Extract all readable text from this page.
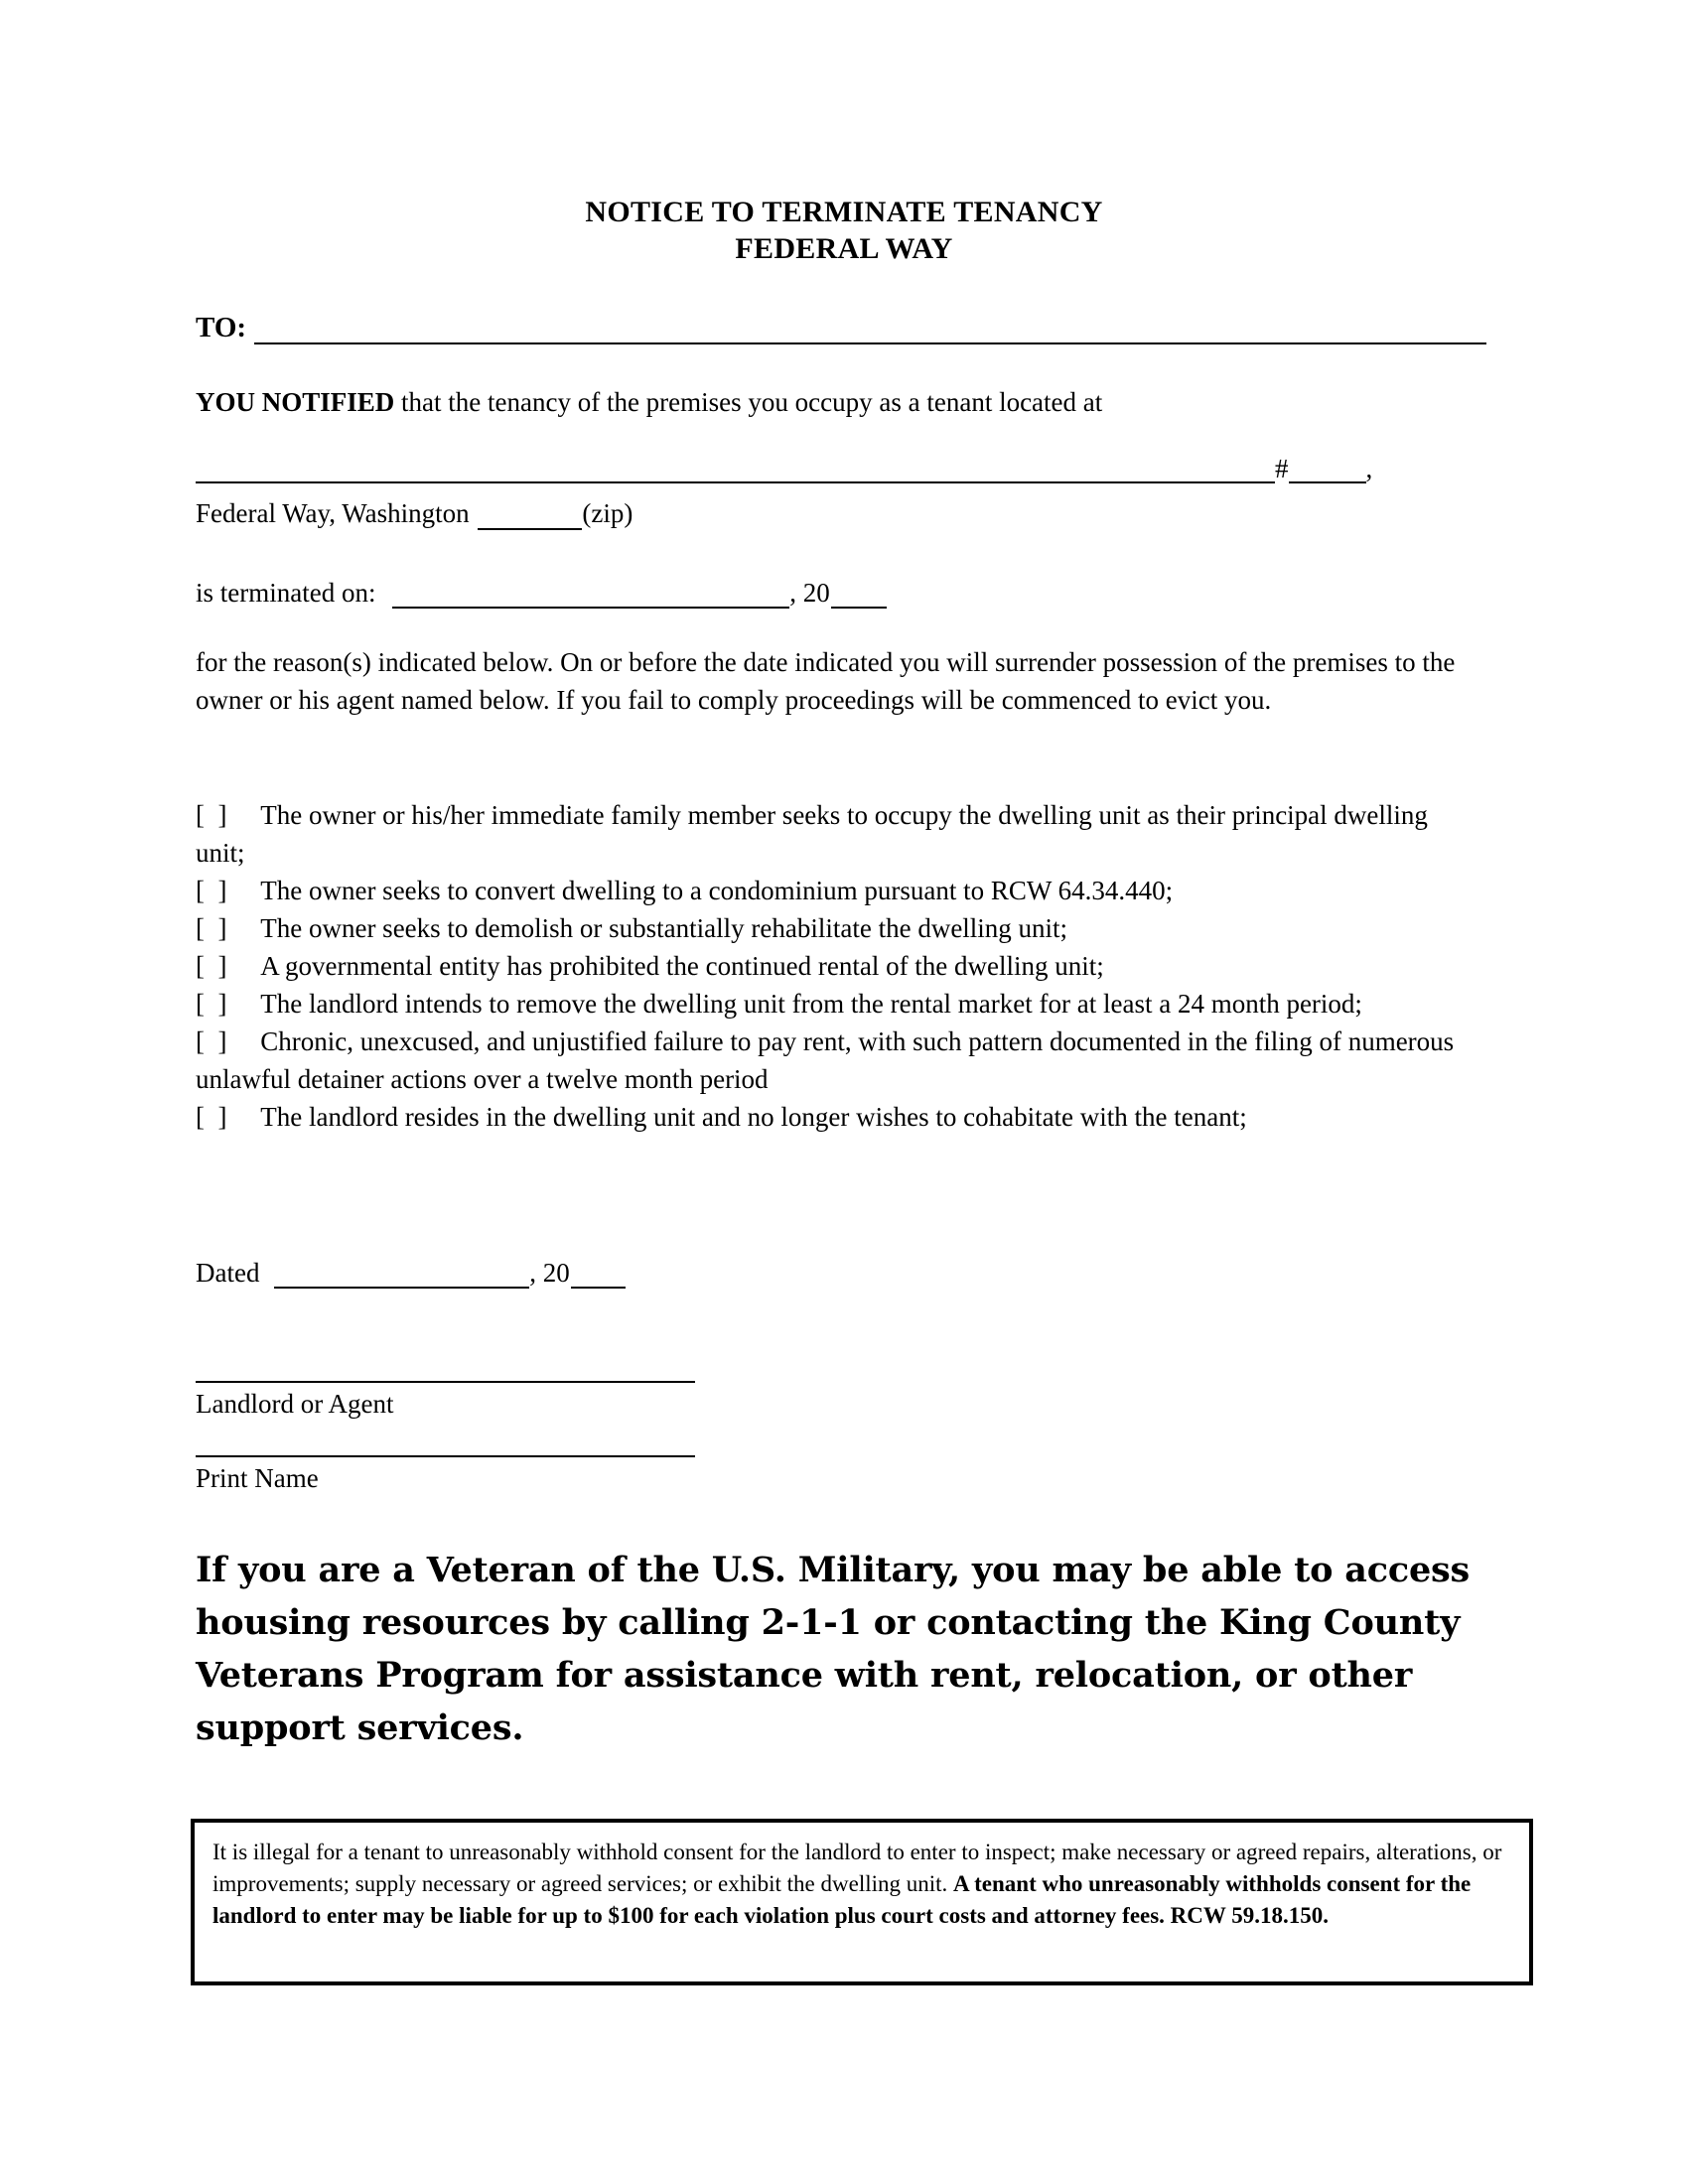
NOTICE TO TERMINATE TENANCY
FEDERAL WAY
TO:
YOU NOTIFIED that the tenancy of the premises you occupy as a tenant located at
#	,
Federal Way, Washington	(zip)
is terminated on:	, 20
for the reason(s) indicated below. On or before the date indicated you will surrender possession of the premises to the owner or his agent named below. If you fail to comply proceedings will be commenced to evict you.
[  ] The owner or his/her immediate family member seeks to occupy the dwelling unit as their principal dwelling unit;
[  ] The owner seeks to convert dwelling to a condominium pursuant to RCW 64.34.440;
[  ] The owner seeks to demolish or substantially rehabilitate the dwelling unit;
[  ] A governmental entity has prohibited the continued rental of the dwelling unit;
[  ] The landlord intends to remove the dwelling unit from the rental market for at least a 24 month period;
[  ] Chronic, unexcused, and unjustified failure to pay rent, with such pattern documented in the filing of numerous unlawful detainer actions over a twelve month period
[  ] The landlord resides in the dwelling unit and no longer wishes to cohabitate with the tenant;
Dated	, 20
Landlord or Agent
Print Name
If you are a Veteran of the U.S. Military, you may be able to access housing resources by calling 2-1-1 or contacting the King County Veterans Program for assistance with rent, relocation, or other support services.
It is illegal for a tenant to unreasonably withhold consent for the landlord to enter to inspect; make necessary or agreed repairs, alterations, or improvements; supply necessary or agreed services; or exhibit the dwelling unit. A tenant who unreasonably withholds consent for the landlord to enter may be liable for up to $100 for each violation plus court costs and attorney fees. RCW 59.18.150.
